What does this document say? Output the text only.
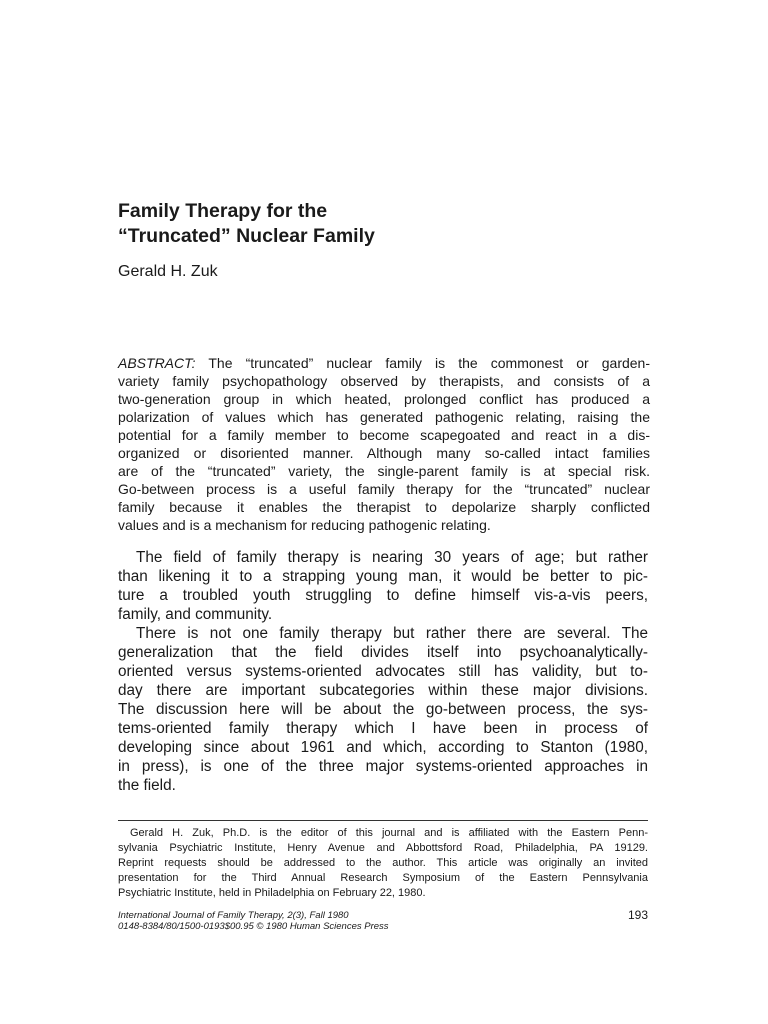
Family Therapy for the
“Truncated” Nuclear Family
Gerald H. Zuk
ABSTRACT: The “truncated” nuclear family is the commonest or garden-
variety family psychopathology observed by therapists, and consists of a
two-generation group in which heated, prolonged conflict has produced a
polarization of values which has generated pathogenic relating, raising the
potential for a family member to become scapegoated and react in a dis-
organized or disoriented manner. Although many so-called intact families
are of the “truncated” variety, the single-parent family is at special risk.
Go-between process is a useful family therapy for the “truncated” nuclear
family because it enables the therapist to depolarize sharply conflicted
values and is a mechanism for reducing pathogenic relating.
The field of family therapy is nearing 30 years of age; but rather
than likening it to a strapping young man, it would be better to pic-
ture a troubled youth struggling to define himself vis-a-vis peers,
family, and community.
There is not one family therapy but rather there are several. The
generalization that the field divides itself into psychoanalytically-
oriented versus systems-oriented advocates still has validity, but to-
day there are important subcategories within these major divisions.
The discussion here will be about the go-between process, the sys-
tems-oriented family therapy which I have been in process of
developing since about 1961 and which, according to Stanton (1980,
in press), is one of the three major systems-oriented approaches in
the field.
Gerald H. Zuk, Ph.D. is the editor of this journal and is affiliated with the Eastern Penn-
sylvania Psychiatric Institute, Henry Avenue and Abbottsford Road, Philadelphia, PA 19129.
Reprint requests should be addressed to the author. This article was originally an invited
presentation for the Third Annual Research Symposium of the Eastern Pennsylvania
Psychiatric Institute, held in Philadelphia on February 22, 1980.
International Journal of Family Therapy, 2(3), Fall 1980
0148-8384/80/1500-0193$00.95 © 1980 Human Sciences Press
193
